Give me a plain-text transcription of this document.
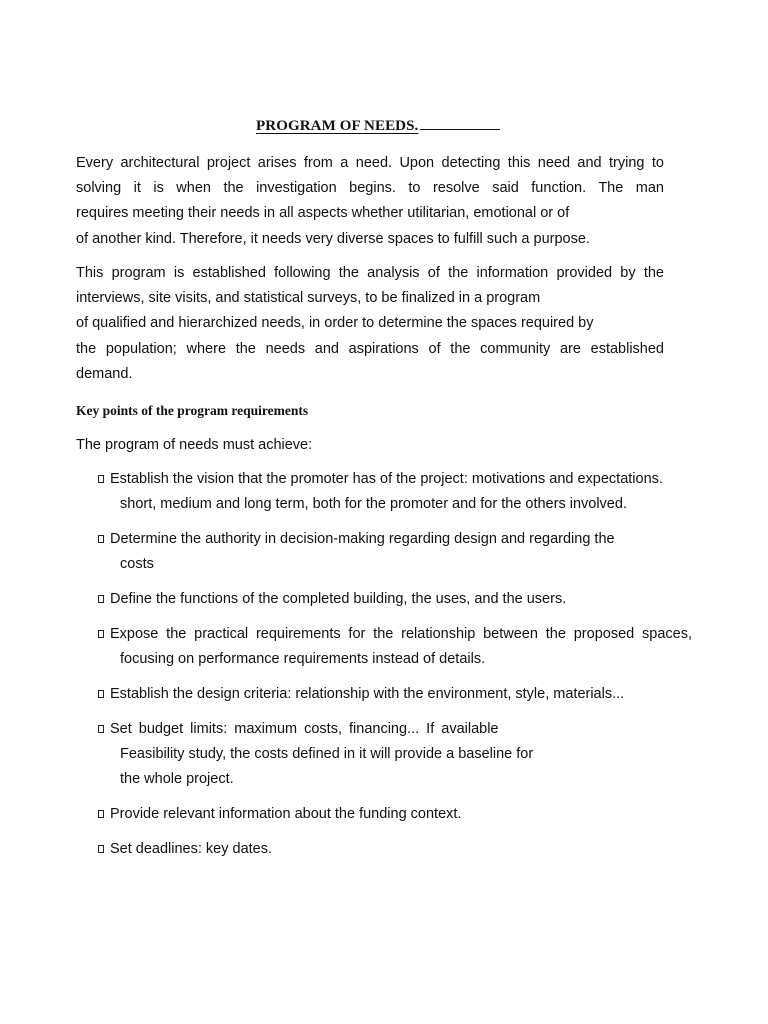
PROGRAM OF NEEDS.
Every architectural project arises from a need. Upon detecting this need and trying to
solving it is when the investigation begins. to resolve said function. The man
requires meeting their needs in all aspects whether utilitarian, emotional or of
of another kind. Therefore, it needs very diverse spaces to fulfill such a purpose.
This program is established following the analysis of the information provided by the
interviews, site visits, and statistical surveys, to be finalized in a program
of qualified and hierarchized needs, in order to determine the spaces required by
the population; where the needs and aspirations of the community are established
demand.
Key points of the program requirements
The program of needs must achieve:
Establish the vision that the promoter has of the project: motivations and expectations.
short, medium and long term, both for the promoter and for the others involved.
Determine the authority in decision-making regarding design and regarding the
costs
Define the functions of the completed building, the uses, and the users.
Expose the practical requirements for the relationship between the proposed spaces,
focusing on performance requirements instead of details.
Establish the design criteria: relationship with the environment, style, materials...
Set budget limits: maximum costs, financing... If available
Feasibility study, the costs defined in it will provide a baseline for
the whole project.
Provide relevant information about the funding context.
Set deadlines: key dates.
